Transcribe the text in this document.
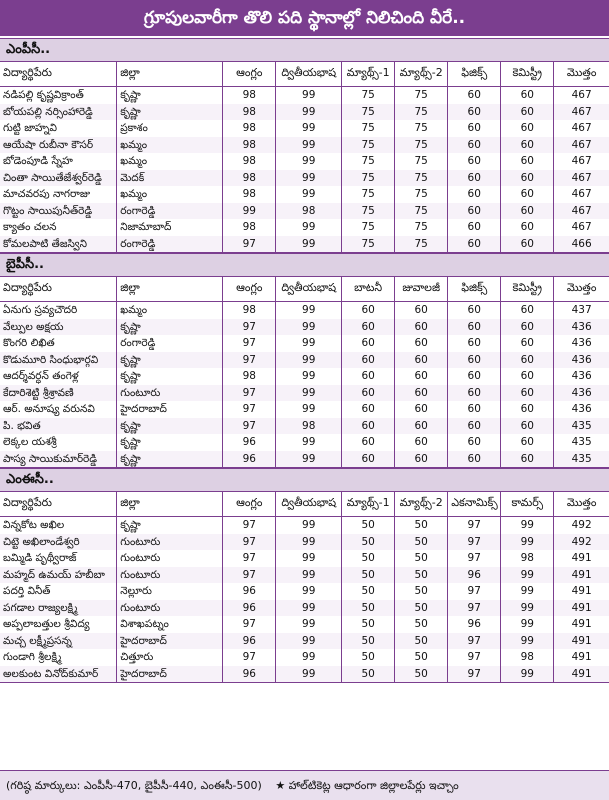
గ్రూపులవారీగా తొలి పది స్థానాల్లో నిలిచింది వీరే..
ఎంపీసీ..
విద్యార్థిపేరు	జిల్లా	ఆంగ్లం	ద్వితీయభాష	మ్యాథ్స్-1	మ్యాథ్స్-2	ఫిజిక్స్	కెమిస్ట్రీ	మొత్తం
నడిపల్లి కృష్ణవిక్రాంత్	కృష్ణా	98	99	75	75	60	60	467
బోయపల్లి నర్సింహారెడ్డి	కృష్ణా	98	99	75	75	60	60	467
గుట్టి జాహ్నవి	ప్రకాశం	98	99	75	75	60	60	467
ఆయేషా రుబీనా కౌసర్	ఖమ్మం	98	99	75	75	60	60	467
బోడెంపూడి స్నేహ	ఖమ్మం	98	99	75	75	60	60	467
చింతా సాయితేజేశ్వర్‌రెడ్డి	మెదక్	98	99	75	75	60	60	467
మాచవరపు నాగరాజు	ఖమ్మం	98	99	75	75	60	60	467
గొట్టం సాయిపునీత్‌రెడ్డి	రంగారెడ్డి	99	98	75	75	60	60	467
క్యాతం చలన	నిజామాబాద్	98	99	75	75	60	60	467
కోమలపాటి తేజస్విని	రంగారెడ్డి	97	99	75	75	60	60	466
బైపీసీ..
విద్యార్థిపేరు	జిల్లా	ఆంగ్లం	ద్వితీయభాష	బాటనీ	జువాలజీ	ఫిజిక్స్	కెమిస్ట్రీ	మొత్తం
ఏనుగు స్రవ్యచౌదరి	ఖమ్మం	98	99	60	60	60	60	437
వేల్పుల అక్షయ	కృష్ణా	97	99	60	60	60	60	436
కొంగరి లిఖిత	రంగారెడ్డి	97	99	60	60	60	60	436
కొడుమూరి సింధుభార్గవి	కృష్ణా	97	99	60	60	60	60	436
ఆదర్శ్‌వర్ధన్ తంగెళ్ల	కృష్ణా	98	99	60	60	60	60	436
కేదారిశెట్టి శ్రీశ్రావణి	గుంటూరు	97	99	60	60	60	60	436
ఆర్. అనూష్య వరునవి	హైదరాబాద్	97	99	60	60	60	60	436
పి. భవిత	కృష్ణా	97	98	60	60	60	60	435
లెక్కల యశశ్రీ	కృష్ణా	96	99	60	60	60	60	435
పాస్య సాయికుమార్‌రెడ్డి	కృష్ణా	96	99	60	60	60	60	435
ఎంఈసీ..
విద్యార్థిపేరు	జిల్లా	ఆంగ్లం	ద్వితీయభాష	మ్యాథ్స్-1	మ్యాథ్స్-2	ఎకనామిక్స్	కామర్స్	మొత్తం
విన్నకోట అఖిల	కృష్ణా	97	99	50	50	97	99	492
చిట్టె అఖిలాండేశ్వరి	గుంటూరు	97	99	50	50	97	99	492
బమ్మిడి పృథ్వీరాజ్	గుంటూరు	97	99	50	50	97	98	491
మహ్మద్ ఉమయ్ హబీబా	గుంటూరు	97	99	50	50	96	99	491
పదర్తి వినీత్	నెల్లూరు	96	99	50	50	97	99	491
పగడాల రాజ్యలక్ష్మి	గుంటూరు	96	99	50	50	97	99	491
అప్పలాబత్తుల శ్రీవిద్య	విశాఖపట్నం	97	99	50	50	96	99	491
మచ్చ లక్ష్మీప్రసన్న	హైదరాబాద్	96	99	50	50	97	99	491
గుండాగి శ్రీలక్ష్మి	చిత్తూరు	97	99	50	50	97	98	491
అలకుంట వినోద్‌కుమార్	హైదరాబాద్	96	99	50	50	97	99	491
(గరిష్ఠ మార్కులు: ఎంపీసీ-470, బైపీసీ-440, ఎంఈసీ-500) ★ హాల్‌టికెట్ల ఆధారంగా జిల్లాలపేర్లు ఇచ్చాం
